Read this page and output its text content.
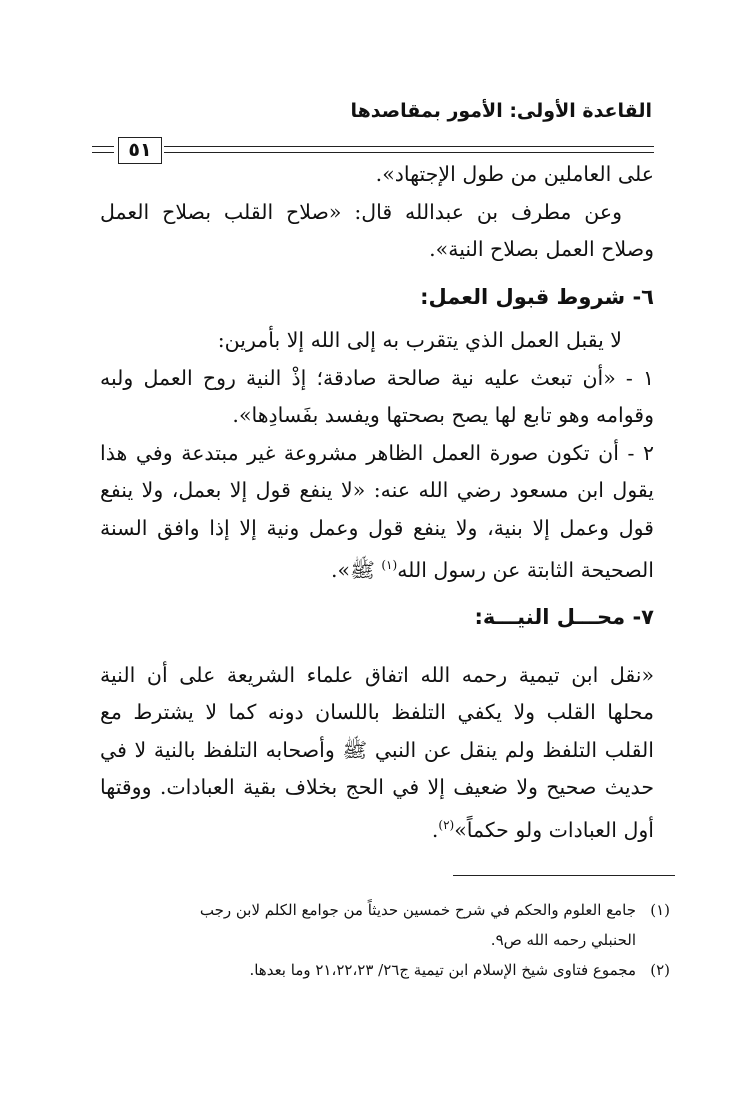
القاعدة الأولى: الأمور بمقاصدها
٥١

على العاملين من طول الإجتهاد».

وعن مطرف بن عبدالله قال: «صلاح القلب بصلاح العمل وصلاح العمل بصلاح النية».

٦- شروط قبول العمل:

لا يقبل العمل الذي يتقرب به إلى الله إلا بأمرين:

١ - «أن تبعث عليه نية صالحة صادقة؛ إذْ النية روح العمل ولبه وقوامه وهو تابع لها يصح بصحتها ويفسد بفَسادِها».

٢ - أن تكون صورة العمل الظاهر مشروعة غير مبتدعة وفي هذا يقول ابن مسعود رضي الله عنه: «لا ينفع قول إلا بعمل، ولا ينفع قول وعمل إلا بنية، ولا ينفع قول وعمل ونية إلا إذا وافق السنة الصحيحة الثابتة عن رسول الله$^{(١)}$ ﷺ».

٧- محـــل النيـــة:

«نقل ابن تيمية رحمه الله اتفاق علماء الشريعة على أن النية محلها القلب ولا يكفي التلفظ باللسان دونه كما لا يشترط مع القلب التلفظ ولم ينقل عن النبي ﷺ وأصحابه التلفظ بالنية لا في حديث صحيح ولا ضعيف إلا في الحج بخلاف بقية العبادات. ووقتها أول العبادات ولو حكماً»$^{(٢)}$.

(١)جامع العلوم والحكم في شرح خمسين حديثاً من جوامع الكلم لابن رجب

الحنبلي رحمه الله ص٩.

(٢)مجموع فتاوى شيخ الإسلام ابن تيمية ج٢٦/ ٢١،٢٢،٢٣ وما بعدها.
